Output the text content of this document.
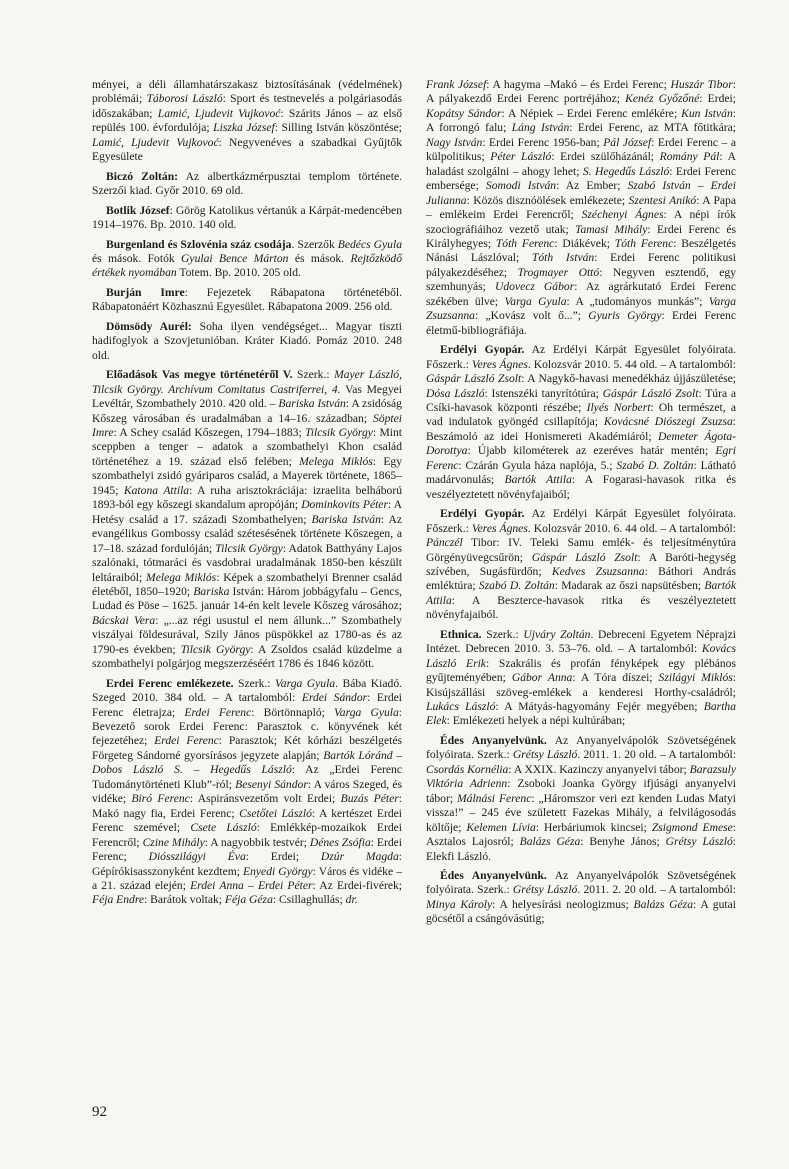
ményei, a déli államhatárszakasz biztosításának (védelmének) problémái; Táborosi László: Sport és testnevelés a polgáriasodás időszakában; Lamić, Ljudevit Vujkovoć: Szárits János – az első repülés 100. évfordulója; Liszka József: Silling István köszöntése; Lamić, Ljudevit Vujkovoć: Negyvenéves a szabadkai Gyűjtők Egyesülete

Biczó Zoltán: Az albertkázmérpusztai templom története. Szerzői kiad. Győr 2010. 69 old.

Botlik József: Görög Katolikus vértanúk a Kárpát-medencében 1914–1976. Bp. 2010. 140 old.

Burgenland és Szlovénia száz csodája. Szerzők Bedécs Gyula és mások. Fotók Gyulai Bence Márton és mások. Rejtőzködő értékek nyomában Totem. Bp. 2010. 205 old.

Burján Imre: Fejezetek Rábapatona történetéből. Rábapatonáért Közhasznú Egyesület. Rábapatona 2009. 256 old.

Dömsödy Aurél: Soha ilyen vendégséget... Magyar tiszti hadifoglyok a Szovjetunióban. Kráter Kiadó. Pomáz 2010. 248 old.

Előadások Vas megye történetéről V. Szerk.: Mayer László, Tilcsik György. Archívum Comitatus Castriferrei, 4. Vas Megyei Levéltár, Szombathely 2010. 420 old. – Bariska István: A zsidóság Kőszeg városában és uradalmában a 14–16. században; Söptei Imre: A Schey család Kőszegen, 1794–1883; Tilcsik György: Mint sceppben a tenger – adatok a szombathelyi Khon család történetéhez a 19. század első felében; Melega Miklós: Egy szombathelyi zsidó gyáriparos család, a Mayerek története, 1865–1945; Katona Attila: A ruha arisztokráciája: izraelita belháború 1893-ból egy kőszegi skandalum apropóján; Dominkovits Péter: A Hetésy család a 17. századi Szombathelyen; Bariska István: Az evangélikus Gombossy család szétesésének története Kőszegen, a 17–18. század fordulóján; Tilcsik György: Adatok Batthyány Lajos szalónaki, tótmaráci és vasdobrai uradalmának 1850-ben készült leltáraiból; Melega Miklós: Képek a szombathelyi Brenner család életéből, 1850–1920; Bariska István: Három jobbágyfalu – Gencs, Ludad és Pöse – 1625. január 14-én kelt levele Kőszeg városához; Bácskai Vera: „...az régi usustul el nem állunk...” Szombathely viszályai földesurával, Szily János püspökkel az 1780-as és az 1790-es években; Tilcsik György: A Zsoldos család küzdelme a szombathelyi polgárjog megszerzéséért 1786 és 1846 között.

Erdei Ferenc emlékezete. Szerk.: Varga Gyula. Bába Kiadó. Szeged 2010. 384 old. – A tartalomból: Erdei Sándor: Erdei Ferenc életrajza; Erdei Ferenc: Börtönnapló; Varga Gyula: Bevezető sorok Erdei Ferenc: Parasztok c. könyvének két fejezetéhez; Erdei Ferenc: Parasztok; Két kórházi beszélgetés Förgeteg Sándorné gyorsírásos jegyzete alapján; Bartók Lóránd – Dobos László S. – Hegedűs László: Az „Erdei Ferenc Tudománytörténeti Klub”-ról; Besenyi Sándor: A város Szeged, és vidéke; Biró Ferenc: Aspiránsvezetőm volt Erdei; Buzás Péter: Makó nagy fia, Erdei Ferenc; Csetőtei László: A kertészet Erdei Ferenc szemével; Csete László: Emlékkép-mozaikok Erdei Ferencről; Czine Mihály: A nagyobbik testvér; Dénes Zsófia: Erdei Ferenc; Diósszilágyi Éva: Erdei; Dzúr Magda: Gépírókisasszonyként kezdtem; Enyedi György: Város és vidéke – a 21. század elején; Erdei Anna – Erdei Péter: Az Erdei-fivérek; Féja Endre: Barátok voltak; Féja Géza: Csillaghullás; dr.

Frank József: A hagyma –Makó – és Erdei Ferenc; Huszár Tibor: A pályakezdő Erdei Ferenc portréjához; Kenéz Győzőné: Erdei; Kopátsy Sándor: A Népiek – Erdei Ferenc emlékére; Kun István: A forrongó falu; Láng István: Erdei Ferenc, az MTA főtitkára; Nagy István: Erdei Ferenc 1956-ban; Pál József: Erdei Ferenc – a külpolitikus; Péter László: Erdei szülőházánál; Romány Pál: A haladást szolgálni – ahogy lehet; S. Hegedűs László: Erdei Ferenc embersége; Somodi István: Az Ember; Szabó István – Erdei Julianna: Közös disznóölések emlékezete; Szentesi Anikó: A Papa – emlékeim Erdei Ferencről; Széchenyi Ágnes: A népi írók szociográfiáihoz vezető utak; Tamasi Mihály: Erdei Ferenc és Királyhegyes; Tóth Ferenc: Diákévek; Tóth Ferenc: Beszélgetés Nánási Lászlóval; Tóth István: Erdei Ferenc politikusi pályakezdéséhez; Trogmayer Ottó: Negyven esztendő, egy szemhunyás; Udovecz Gábor: Az agrárkutató Erdei Ferenc székében ülve; Varga Gyula: A „tudományos munkás”; Varga Zsuzsanna: „Kovász volt ő...”; Gyuris György: Erdei Ferenc életmű-bibliográfiája.

Erdélyi Gyopár. Az Erdélyi Kárpát Egyesület folyóirata. Főszerk.: Veres Ágnes. Kolozsvár 2010. 5. 44 old. – A tartalomból: Gáspár László Zsolt: A Nagykő-havasi menedékház újjászületése; Dósa László: Istenszéki tanyrítótúra; Gáspár László Zsolt: Túra a Csíki-havasok központi részébe; Ilyés Norbert: Oh természet, a vad indulatok gyöngéd csillapítója; Kovácsné Diószegi Zsuzsa: Beszámoló az idei Honismereti Akadémiáról; Demeter Ágota-Dorottya: Újabb kilométerek az ezeréves határ mentén; Egri Ferenc: Czárán Gyula háza naplója, 5.; Szabó D. Zoltán: Látható madárvonulás; Bartók Attila: A Fogarasi-havasok ritka és veszélyeztetett növényfajaiból;

Erdélyi Gyopár. Az Erdélyi Kárpát Egyesület folyóirata. Főszerk.: Veres Ágnes. Kolozsvár 2010. 6. 44 old. – A tartalomból: Pánczél Tibor: IV. Teleki Samu emlék- és teljesítménytúra Görgényüvegcsűrön; Gáspár László Zsolt: A Baróti-hegység szívében, Sugásfürdőn; Kedves Zsuzsanna: Báthori András emléktúra; Szabó D. Zoltán: Madarak az őszi napsütésben; Bartók Attila: A Beszterce-havasok ritka és veszélyeztetett növényfajaiból.

Ethnica. Szerk.: Ujváry Zoltán. Debreceni Egyetem Néprajzi Intézet. Debrecen 2010. 3. 53–76. old. – A tartalomból: Kovács László Erik: Szakrális és profán fényképek egy plébános gyűjteményében; Gábor Anna: A Tóra díszei; Szilágyi Miklós: Kisújszállási szöveg-emlékek a kenderesi Horthy-családról; Lukács László: A Mátyás-hagyomány Fejér megyében; Bartha Elek: Emlékezeti helyek a népi kultúrában;

Édes Anyanyelvünk. Az Anyanyelvápolók Szövetségének folyóirata. Szerk.: Grétsy László. 2011. 1. 20 old. – A tartalomból: Csordás Kornélia: A XXIX. Kazinczy anyanyelvi tábor; Barazsuly Viktória Adrienn: Zsoboki Joanka György ifjúsági anyanyelvi tábor; Málnási Ferenc: „Háromszor veri ezt kenden Ludas Matyi vissza!” – 245 éve született Fazekas Mihály, a felvilágosodás költője; Kelemen Lívia: Herbáriumok kincsei; Zsigmond Emese: Asztalos Lajosról; Balázs Géza: Benyhe János; Grétsy László: Elekfi László.

Édes Anyanyelvünk. Az Anyanyelvápolók Szövetségének folyóirata. Szerk.: Grétsy László. 2011. 2. 20 old. – A tartalomból: Minya Károly: A helyesírási neologizmus; Balázs Géza: A gutai göcsétől a csángóvásútig;

92
